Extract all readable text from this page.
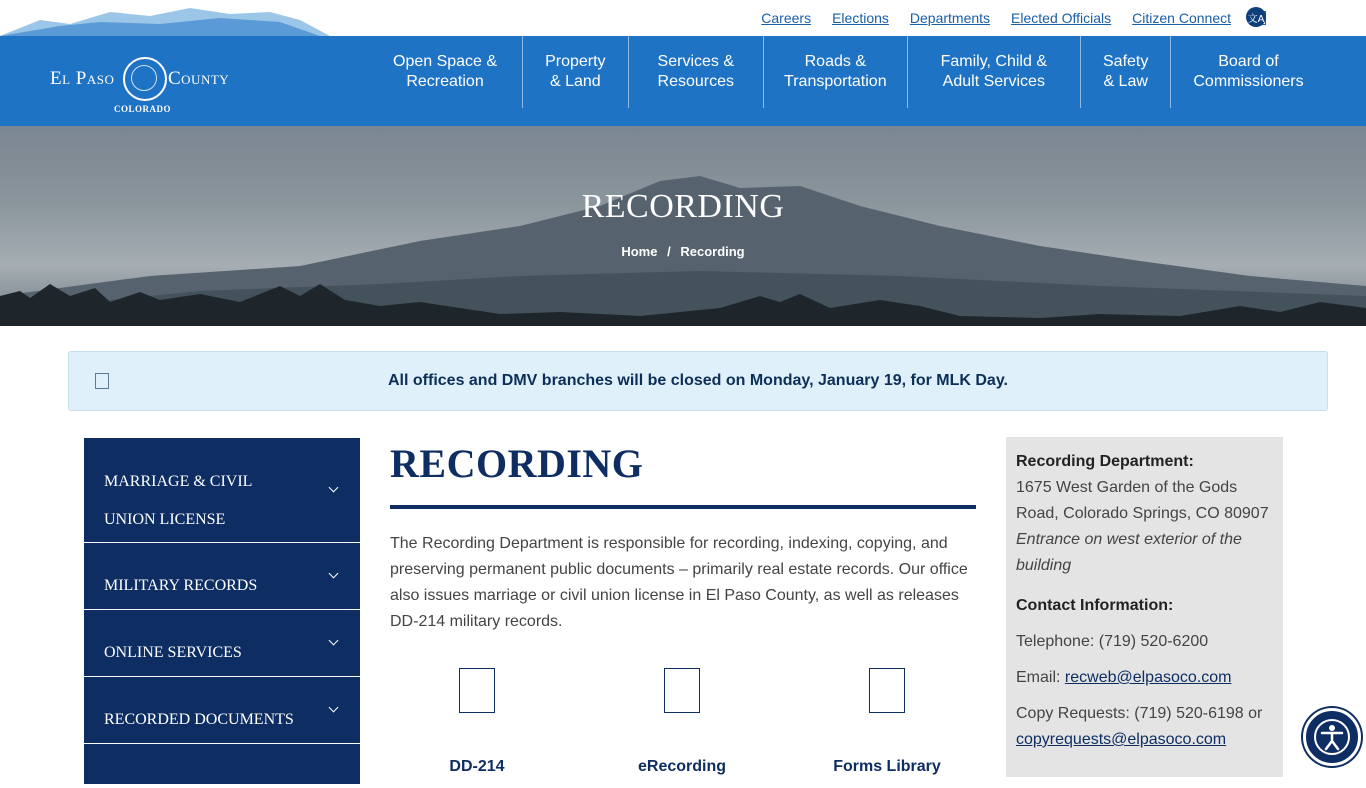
Careers Elections Departments Elected Officials Citizen Connect 文A
El Paso	County
COLORADO
Open Space &
Recreation
Property
& Land
Services &
Resources
Roads &
Transportation
Family, Child &
Adult Services
Safety
& Law
Board of
Commissioners
RECORDING
Home / Recording
All offices and DMV branches will be closed on Monday, January 19, for MLK Day.
MARRIAGE & CIVIL UNION LICENSE
MILITARY RECORDS
ONLINE SERVICES
RECORDED DOCUMENTS
RECORDING

The Recording Department is responsible for recording, indexing, copying, and preserving permanent public documents – primarily real estate records. Our office also issues marriage or civil union license in El Paso County, as well as releases DD-214 military records.

DD-214	eRecording	Forms Library

Recording Department:

1675 West Garden of the Gods Road, Colorado Springs, CO 80907

Entrance on west exterior of the building

Contact Information:

Telephone: (719) 520-6200

Email: recweb@elpasoco.com

Copy Requests: (719) 520-6198 or

copyrequests@elpasoco.com
